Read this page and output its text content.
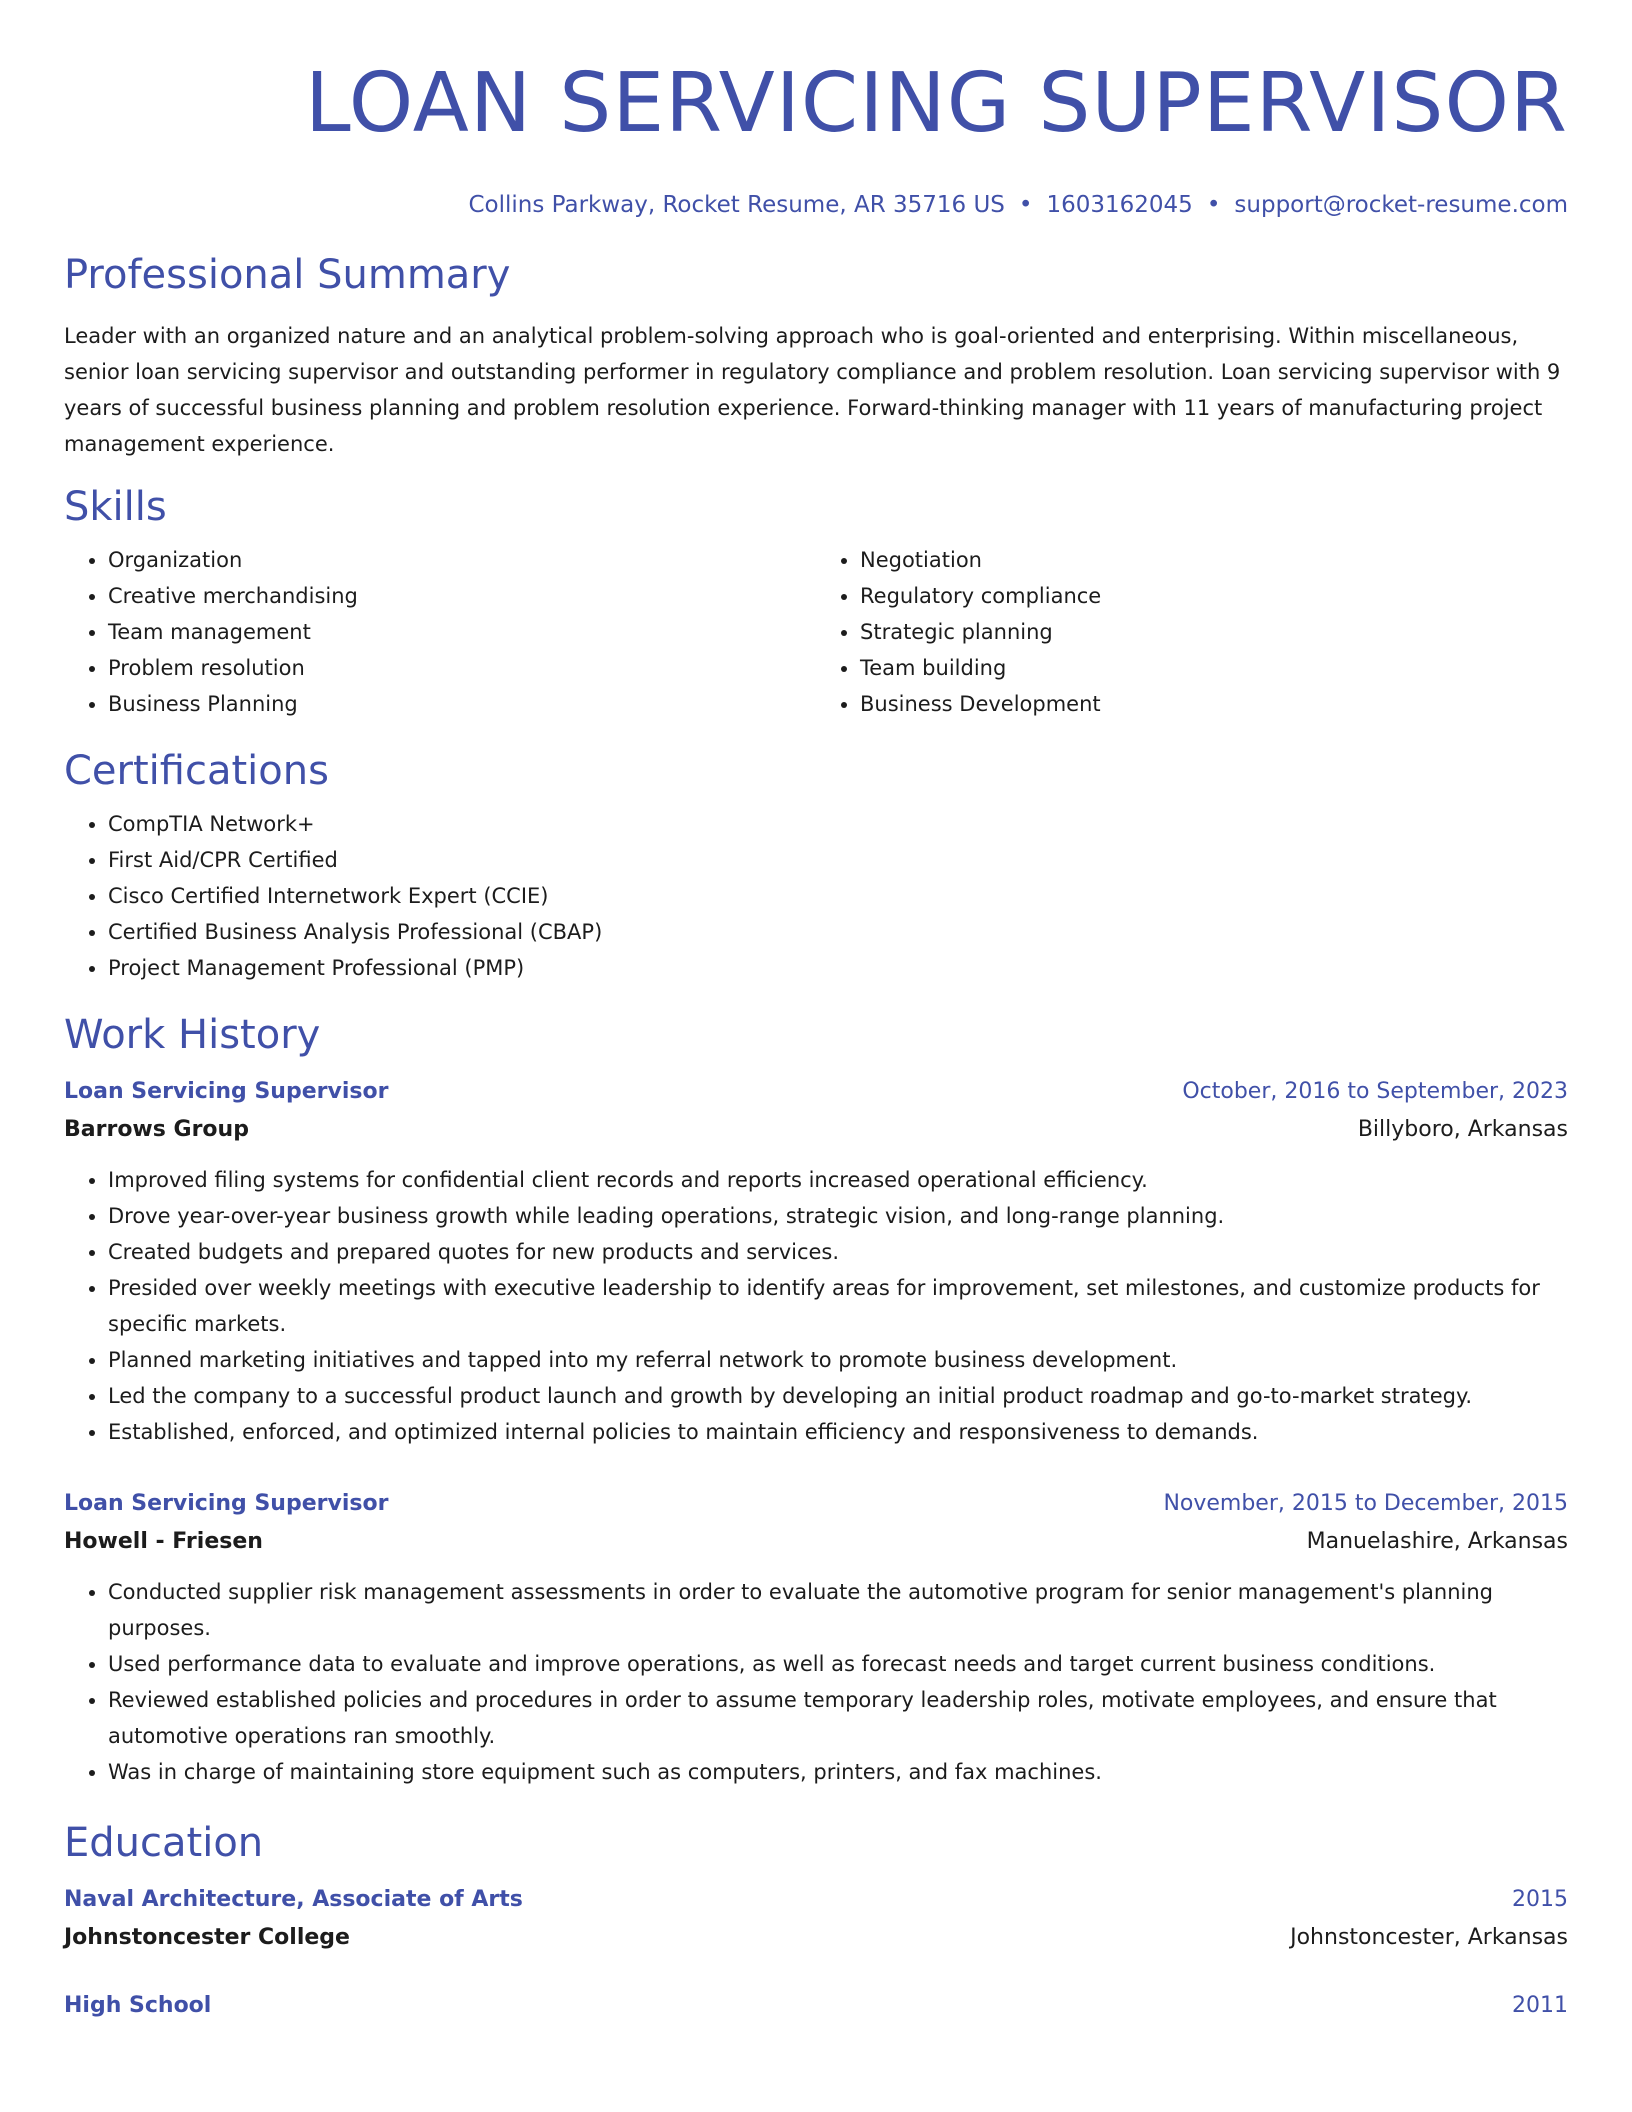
LOAN SERVICING SUPERVISOR
Collins Parkway, Rocket Resume, AR 35716 US • 1603162045 • support@rocket-resume.com
Professional Summary
Leader with an organized nature and an analytical problem-solving approach who is goal-oriented and enterprising. Within miscellaneous, senior loan servicing supervisor and outstanding performer in regulatory compliance and problem resolution. Loan servicing supervisor with 9 years of successful business planning and problem resolution experience. Forward-thinking manager with 11 years of manufacturing project management experience.
Skills
• Organization
• Creative merchandising
• Team management
• Problem resolution
• Business Planning
• Negotiation
• Regulatory compliance
• Strategic planning
• Team building
• Business Development
Certifications
• CompTIA Network+
• First Aid/CPR Certified
• Cisco Certified Internetwork Expert (CCIE)
• Certified Business Analysis Professional (CBAP)
• Project Management Professional (PMP)
Work History
Loan Servicing Supervisor	October, 2016 to September, 2023
Barrows Group	Billyboro, Arkansas
• Improved filing systems for confidential client records and reports increased operational efficiency.
• Drove year-over-year business growth while leading operations, strategic vision, and long-range planning.
• Created budgets and prepared quotes for new products and services.
• Presided over weekly meetings with executive leadership to identify areas for improvement, set milestones, and customize products for specific markets.
• Planned marketing initiatives and tapped into my referral network to promote business development.
• Led the company to a successful product launch and growth by developing an initial product roadmap and go-to-market strategy.
• Established, enforced, and optimized internal policies to maintain efficiency and responsiveness to demands.
Loan Servicing Supervisor	November, 2015 to December, 2015
Howell - Friesen	Manuelashire, Arkansas
• Conducted supplier risk management assessments in order to evaluate the automotive program for senior management's planning purposes.
• Used performance data to evaluate and improve operations, as well as forecast needs and target current business conditions.
• Reviewed established policies and procedures in order to assume temporary leadership roles, motivate employees, and ensure that automotive operations ran smoothly.
• Was in charge of maintaining store equipment such as computers, printers, and fax machines.
Education
Naval Architecture, Associate of Arts	2015
Johnstoncester College	Johnstoncester, Arkansas
High School	2011
